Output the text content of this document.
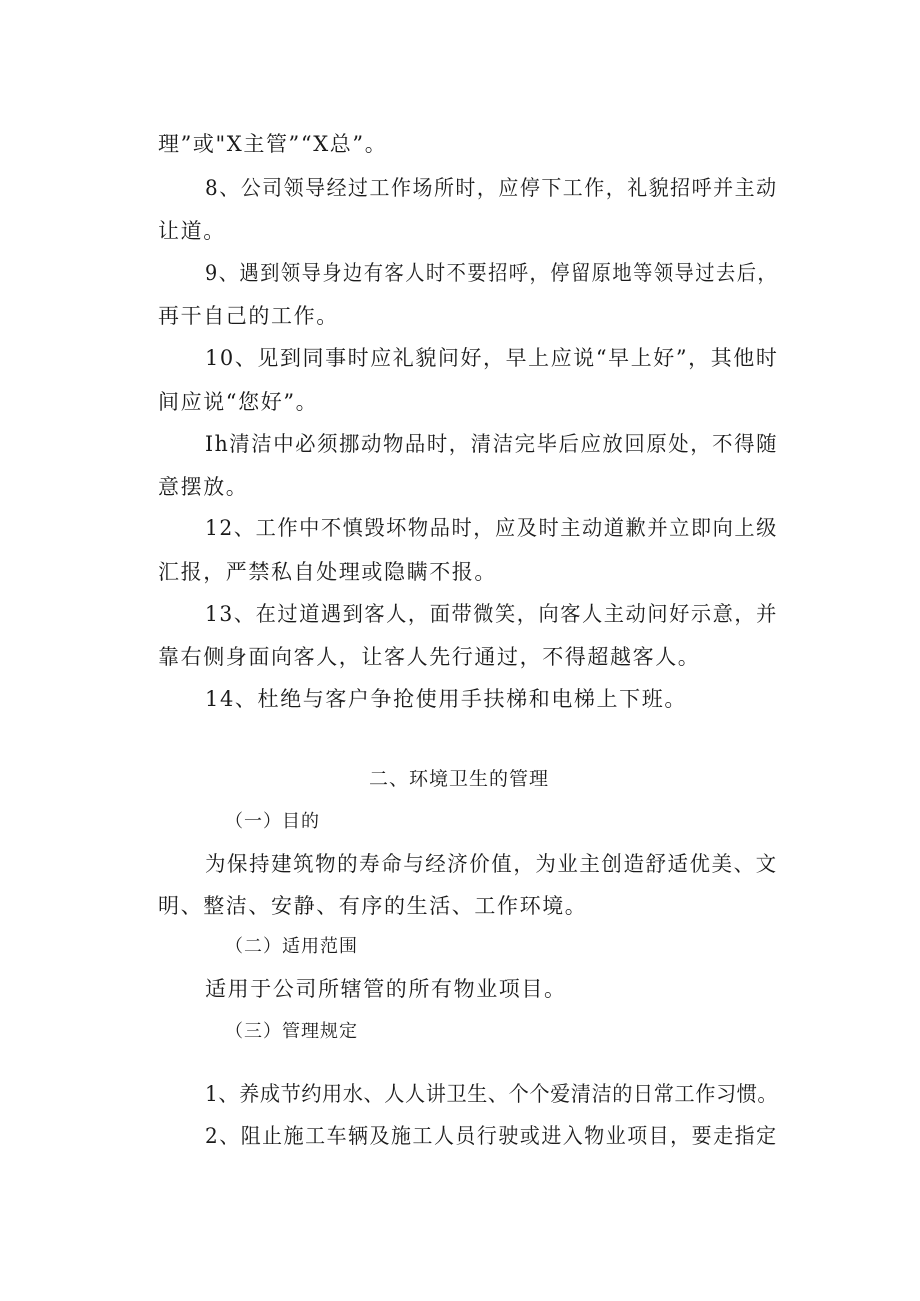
理”或"X主管”“X总”。
8、公司领导经过工作场所时，应停下工作，礼貌招呼并主动
让道。
9、遇到领导身边有客人时不要招呼，停留原地等领导过去后，
再干自己的工作。
10、见到同事时应礼貌问好，早上应说“早上好”，其他时
间应说“您好”。
Ih清洁中必须挪动物品时，清洁完毕后应放回原处，不得随
意摆放。
12、工作中不慎毁坏物品时，应及时主动道歉并立即向上级
汇报，严禁私自处理或隐瞒不报。
13、在过道遇到客人，面带微笑，向客人主动问好示意，并
靠右侧身面向客人，让客人先行通过，不得超越客人。
14、杜绝与客户争抢使用手扶梯和电梯上下班。
二、环境卫生的管理
（一）目的
为保持建筑物的寿命与经济价值，为业主创造舒适优美、文
明、整洁、安静、有序的生活、工作环境。
（二）适用范围
适用于公司所辖管的所有物业项目。
（三）管理规定
1、养成节约用水、人人讲卫生、个个爱清洁的日常工作习惯。
2、阻止施工车辆及施工人员行驶或进入物业项目，要走指定
